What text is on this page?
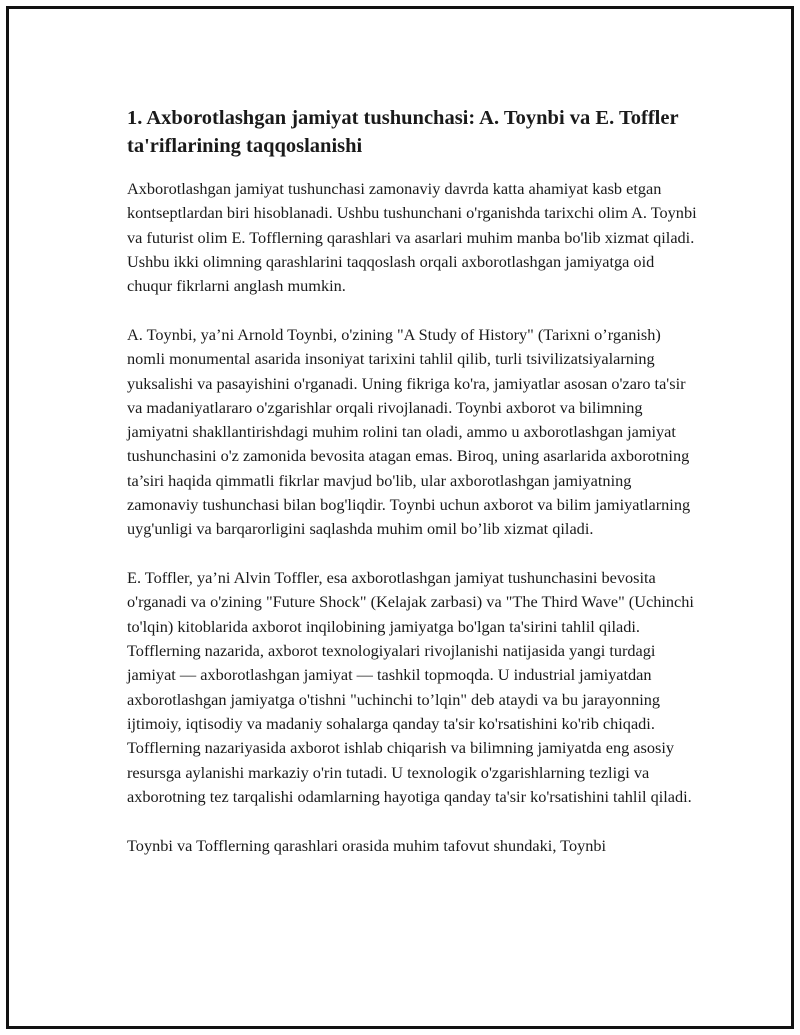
1. Axborotlashgan jamiyat tushunchasi: A. Toynbi va E. Toffler ta'riflarining taqqoslanishi

Axborotlashgan jamiyat tushunchasi zamonaviy davrda katta ahamiyat kasb etgan kontseptlardan biri hisoblanadi. Ushbu tushunchani o'rganishda tarixchi olim A. Toynbi va futurist olim E. Tofflerning qarashlari va asarlari muhim manba bo'lib xizmat qiladi. Ushbu ikki olimning qarashlarini taqqoslash orqali axborotlashgan jamiyatga oid chuqur fikrlarni anglash mumkin.

A. Toynbi, ya’ni Arnold Toynbi, o'zining "A Study of History" (Tarixni o’rganish) nomli monumental asarida insoniyat tarixini tahlil qilib, turli tsivilizatsiyalarning yuksalishi va pasayishini o'rganadi. Uning fikriga ko'ra, jamiyatlar asosan o'zaro ta'sir va madaniyatlararo o'zgarishlar orqali rivojlanadi. Toynbi axborot va bilimning jamiyatni shakllantirishdagi muhim rolini tan oladi, ammo u axborotlashgan jamiyat tushunchasini o'z zamonida bevosita atagan emas. Biroq, uning asarlarida axborotning ta’siri haqida qimmatli fikrlar mavjud bo'lib, ular axborotlashgan jamiyatning zamonaviy tushunchasi bilan bog'liqdir. Toynbi uchun axborot va bilim jamiyatlarning uyg'unligi va barqarorligini saqlashda muhim omil bo’lib xizmat qiladi.

E. Toffler, ya’ni Alvin Toffler, esa axborotlashgan jamiyat tushunchasini bevosita o'rganadi va o'zining "Future Shock" (Kelajak zarbasi) va "The Third Wave" (Uchinchi to'lqin) kitoblarida axborot inqilobining jamiyatga bo'lgan ta'sirini tahlil qiladi. Tofflerning nazarida, axborot texnologiyalari rivojlanishi natijasida yangi turdagi jamiyat — axborotlashgan jamiyat — tashkil topmoqda. U industrial jamiyatdan axborotlashgan jamiyatga o'tishni "uchinchi to’lqin" deb ataydi va bu jarayonning ijtimoiy, iqtisodiy va madaniy sohalarga qanday ta'sir ko'rsatishini ko'rib chiqadi. Tofflerning nazariyasida axborot ishlab chiqarish va bilimning jamiyatda eng asosiy resursga aylanishi markaziy o'rin tutadi. U texnologik o'zgarishlarning tezligi va axborotning tez tarqalishi odamlarning hayotiga qanday ta'sir ko'rsatishini tahlil qiladi.

Toynbi va Tofflerning qarashlari orasida muhim tafovut shundaki, Toynbi
